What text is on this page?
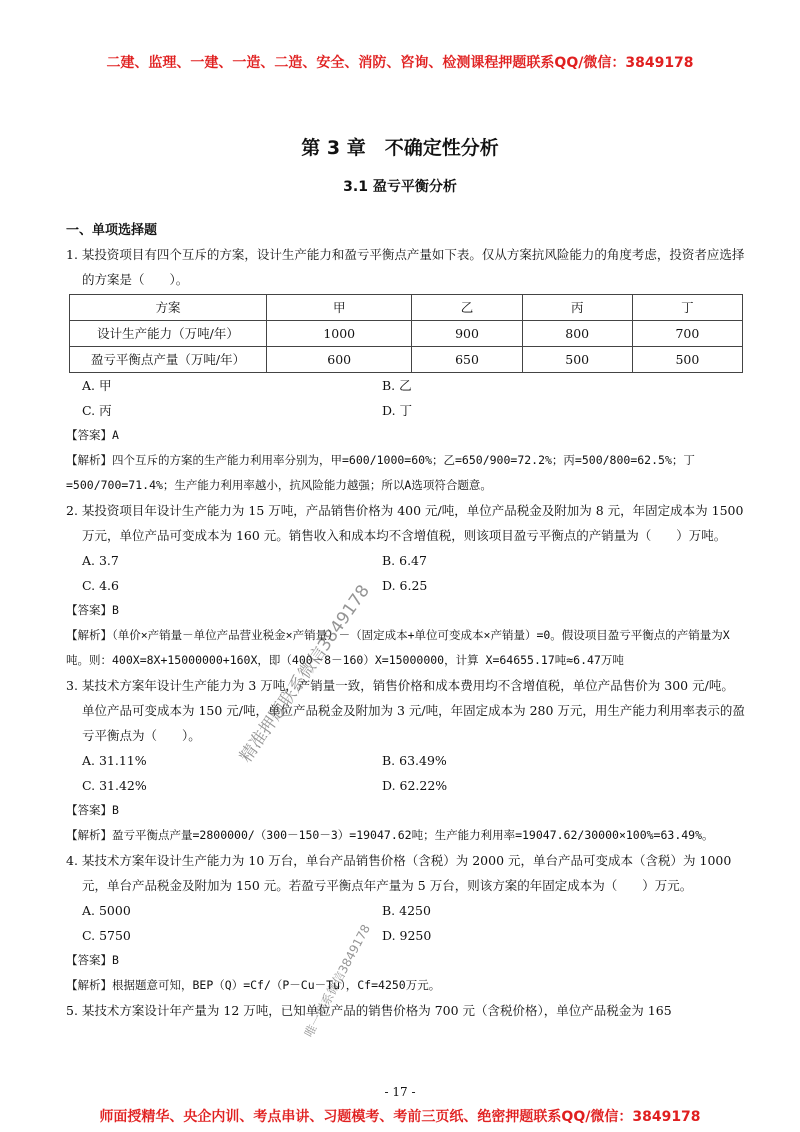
二建、监理、一建、一造、二造、安全、消防、咨询、检测课程押题联系QQ/微信：3849178
第 3 章　不确定性分析
3.1 盈亏平衡分析
一、单项选择题
1. 某投资项目有四个互斥的方案，设计生产能力和盈亏平衡点产量如下表。仅从方案抗风险能力的角度考虑，投资者应选择的方案是（　　）。
方案	甲	乙	丙	丁
设计生产能力（万吨/年）	1000	900	800	700
盈亏平衡点产量（万吨/年）	600	650	500	500
A. 甲	B. 乙
C. 丙	D. 丁
【答案】A
【解析】四个互斥的方案的生产能力利用率分别为，甲=600/1000=60%；乙=650/900=72.2%；丙=500/800=62.5%；丁=500/700=71.4%；生产能力利用率越小，抗风险能力越强；所以A选项符合题意。
2. 某投资项目年设计生产能力为 15 万吨，产品销售价格为 400 元/吨，单位产品税金及附加为 8 元，年固定成本为 1500 万元，单位产品可变成本为 160 元。销售收入和成本均不含增值税，则该项目盈亏平衡点的产销量为（　　）万吨。
A. 3.7	B. 6.47
C. 4.6	D. 6.25
【答案】B
【解析】（单价×产销量－单位产品营业税金×产销量）－（固定成本+单位可变成本×产销量）=0。假设项目盈亏平衡点的产销量为X吨。则：400X=8X+15000000+160X，即（400－8－160）X=15000000，计算 X=64655.17吨≈6.47万吨
3. 某技术方案年设计生产能力为 3 万吨，产销量一致，销售价格和成本费用均不含增值税，单位产品售价为 300 元/吨。单位产品可变成本为 150 元/吨，单位产品税金及附加为 3 元/吨，年固定成本为 280 万元，用生产能力利用率表示的盈亏平衡点为（　　）。
A. 31.11%	B. 63.49%
C. 31.42%	D. 62.22%
【答案】B
【解析】盈亏平衡点产量=2800000/（300－150－3）=19047.62吨；生产能力利用率=19047.62/30000×100%=63.49%。
4. 某技术方案年设计生产能力为 10 万台，单台产品销售价格（含税）为 2000 元，单台产品可变成本（含税）为 1000 元，单台产品税金及附加为 150 元。若盈亏平衡点年产量为 5 万台，则该方案的年固定成本为（　　）万元。
A. 5000	B. 4250
C. 5750	D. 9250
【答案】B
【解析】根据题意可知，BEP（Q）=Cf/（P－Cu－Tu），Cf=4250万元。
5. 某技术方案设计年产量为 12 万吨，已知单位产品的销售价格为 700 元（含税价格），单位产品税金为 165
精准押题联系微信3849178
唯一联系微信3849178
- 17 -
师面授精华、央企内训、考点串讲、习题模考、考前三页纸、绝密押题联系QQ/微信：3849178
